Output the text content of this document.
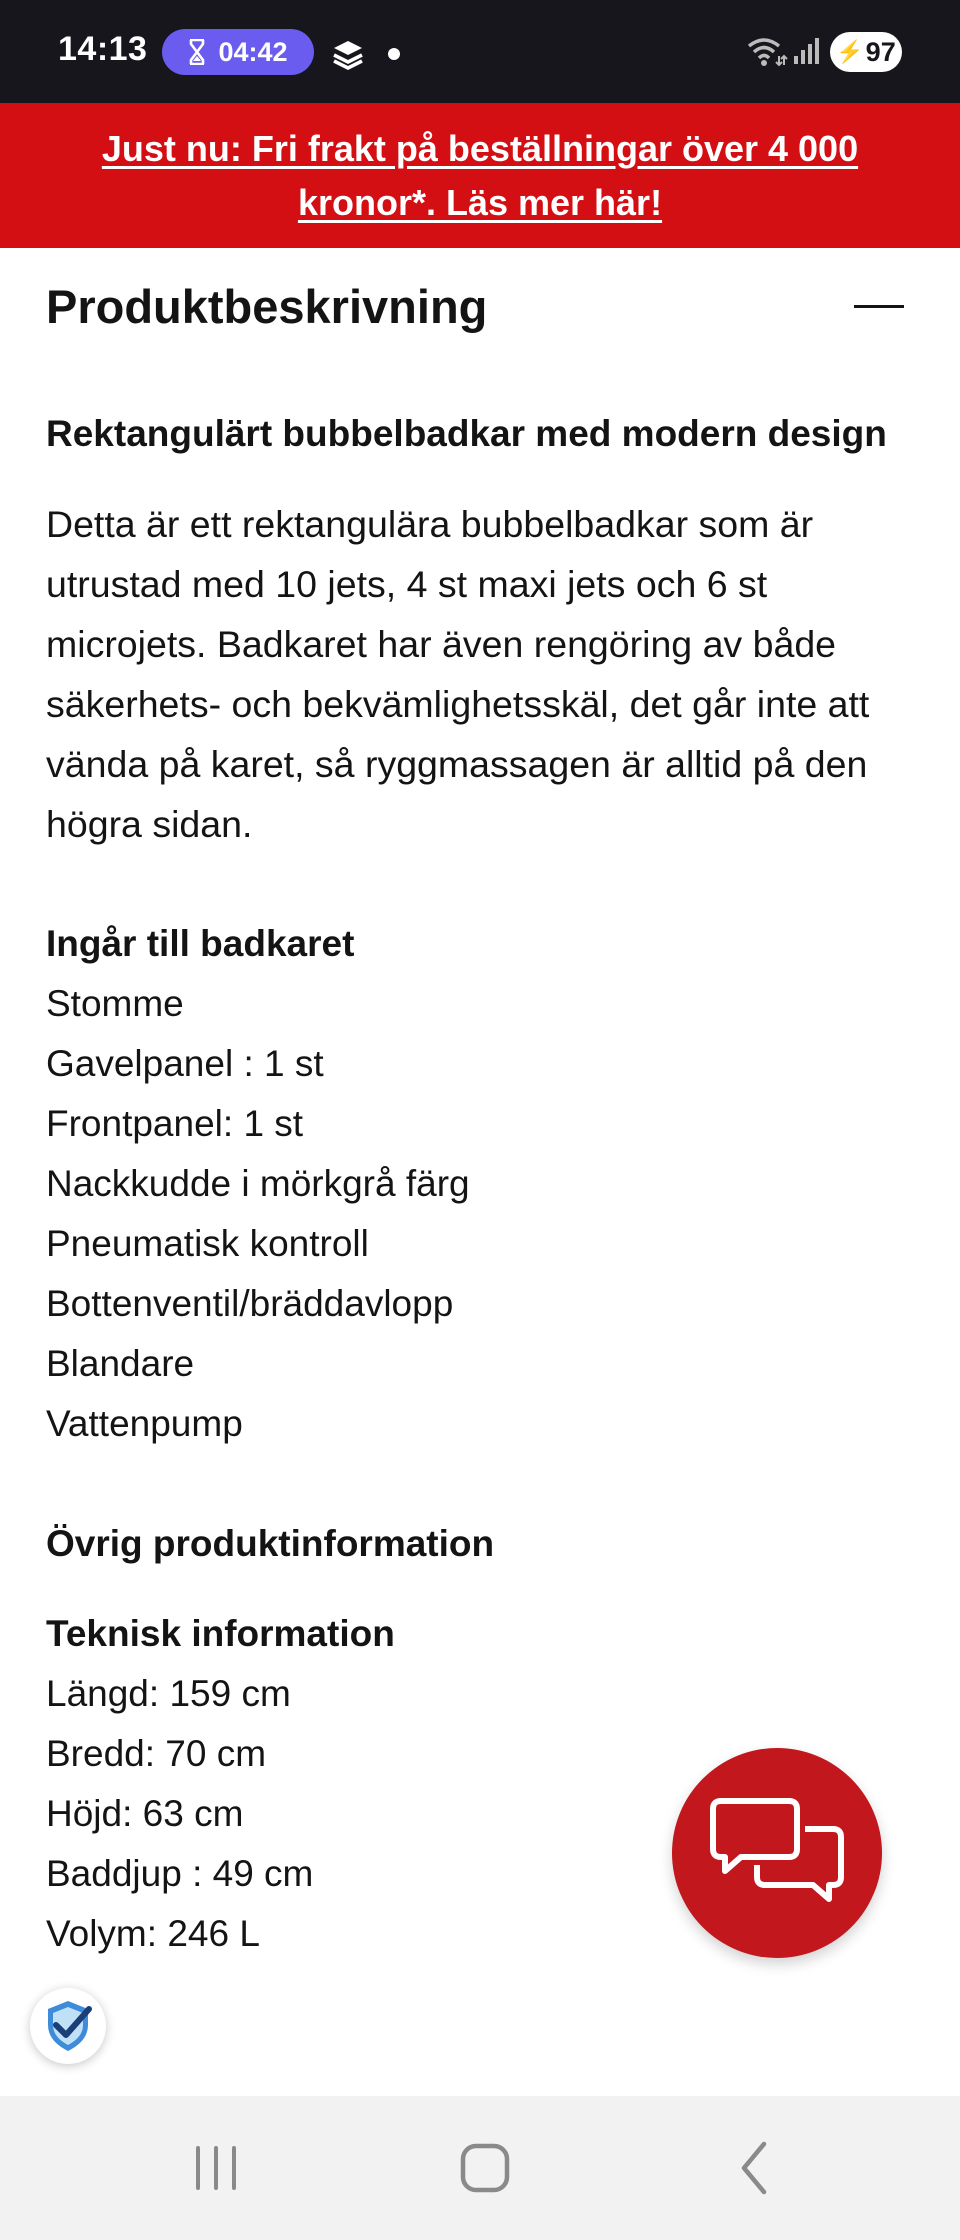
14:13	04:42	⚡ 97
Just nu: Fri frakt på beställningar över 4 000 kronor*. Läs mer här!
Produktbeskrivning

Rektangulärt bubbelbadkar med modern design

Detta är ett rektangulära bubbelbadkar som är utrustad med 10 jets, 4 st maxi jets och 6 st microjets. Badkaret har även rengöring av både säkerhets- och bekvämlighetsskäl, det går inte att vända på karet, så ryggmassagen är alltid på den högra sidan.

Ingår till badkaret

Stomme

Gavelpanel : 1 st

Frontpanel: 1 st

Nackkudde i mörkgrå färg

Pneumatisk kontroll

Bottenventil/bräddavlopp

Blandare

Vattenpump

Övrig produktinformation

Teknisk information

Längd: 159 cm

Bredd: 70 cm

Höjd: 63 cm

Baddjup : 49 cm

Volym: 246 L
